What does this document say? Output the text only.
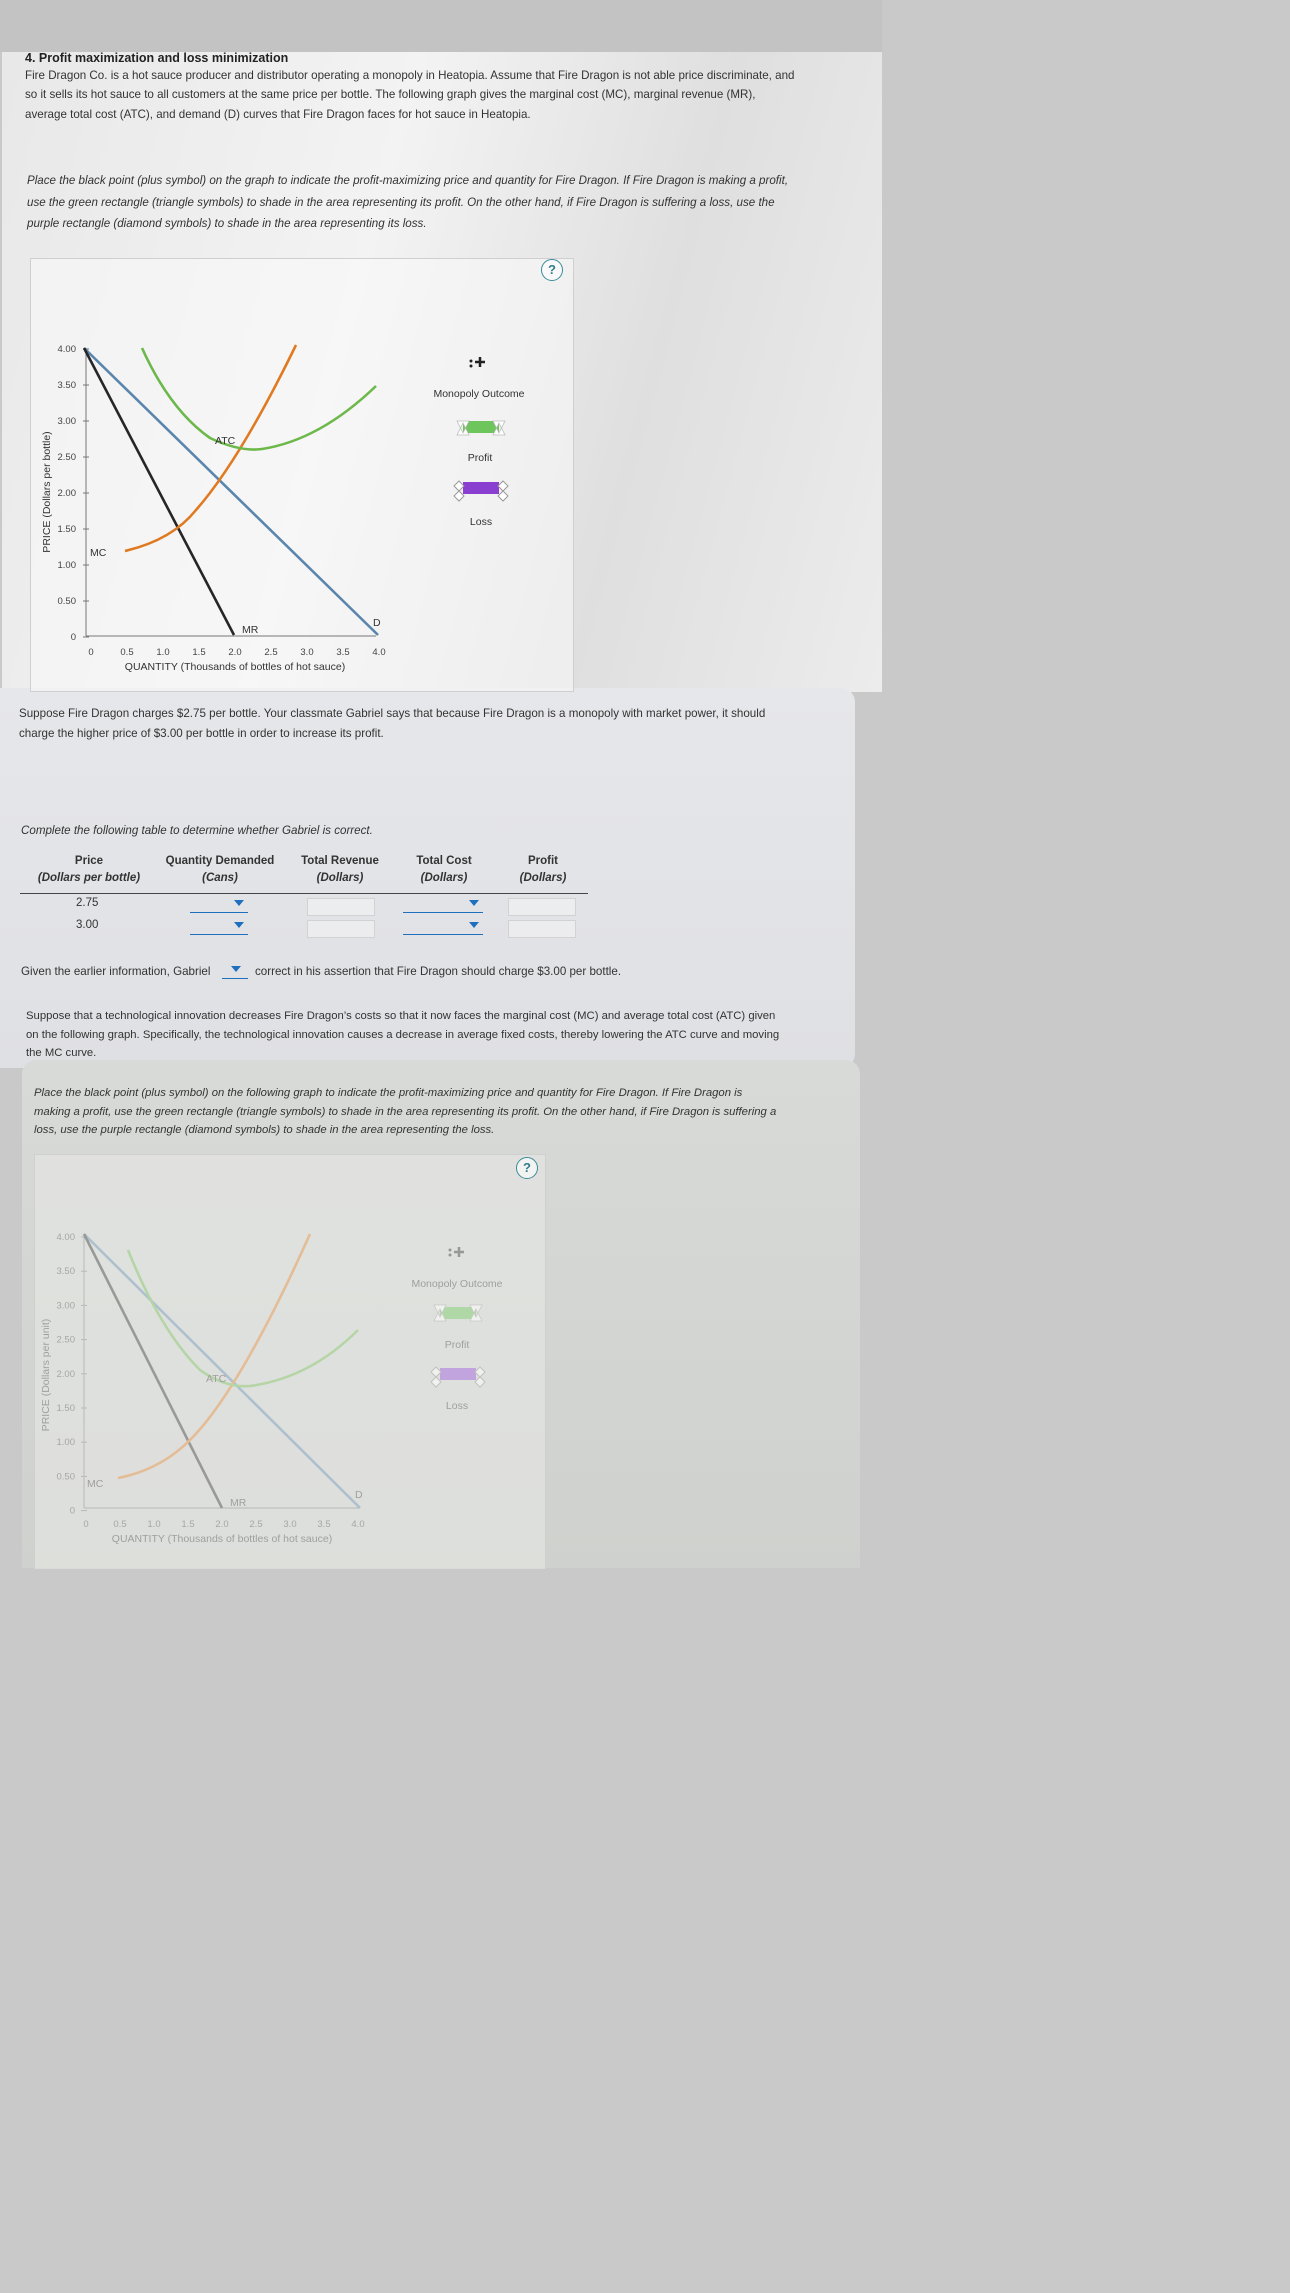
4. Profit maximization and loss minimization
Fire Dragon Co. is a hot sauce producer and distributor operating a monopoly in Heatopia. Assume that Fire Dragon is not able price discriminate, and
so it sells its hot sauce to all customers at the same price per bottle. The following graph gives the marginal cost (MC), marginal revenue (MR),
average total cost (ATC), and demand (D) curves that Fire Dragon faces for hot sauce in Heatopia.
Place the black point (plus symbol) on the graph to indicate the profit-maximizing price and quantity for Fire Dragon. If Fire Dragon is making a profit,
use the green rectangle (triangle symbols) to shade in the area representing its profit. On the other hand, if Fire Dragon is suffering a loss, use the
purple rectangle (diamond symbols) to shade in the area representing its loss.
?
PRICE (Dollars per bottle)
4.00
3.50
3.00
2.50
2.00
1.50
1.00
0.50
0
0	0.5 1.0 1.5 2.0 2.5 3.0 3.5 4.0
ATC
MC
MR
D
QUANTITY (Thousands of bottles of hot sauce)
Monopoly Outcome
Profit
Loss
Suppose Fire Dragon charges $2.75 per bottle. Your classmate Gabriel says that because Fire Dragon is a monopoly with market power, it should
charge the higher price of $3.00 per bottle in order to increase its profit.
Complete the following table to determine whether Gabriel is correct.
Price
(Dollars per bottle)
Quantity Demanded
(Cans)
Total Revenue
(Dollars)
Total Cost
(Dollars)
Profit
(Dollars)
2.75
3.00
Given the earlier information, Gabriel	correct in his assertion that Fire Dragon should charge $3.00 per bottle.
Suppose that a technological innovation decreases Fire Dragon’s costs so that it now faces the marginal cost (MC) and average total cost (ATC) given
on the following graph. Specifically, the technological innovation causes a decrease in average fixed costs, thereby lowering the ATC curve and moving
the MC curve.
Place the black point (plus symbol) on the following graph to indicate the profit-maximizing price and quantity for Fire Dragon. If Fire Dragon is
making a profit, use the green rectangle (triangle symbols) to shade in the area representing its profit. On the other hand, if Fire Dragon is suffering a
loss, use the purple rectangle (diamond symbols) to shade in the area representing the loss.
?
